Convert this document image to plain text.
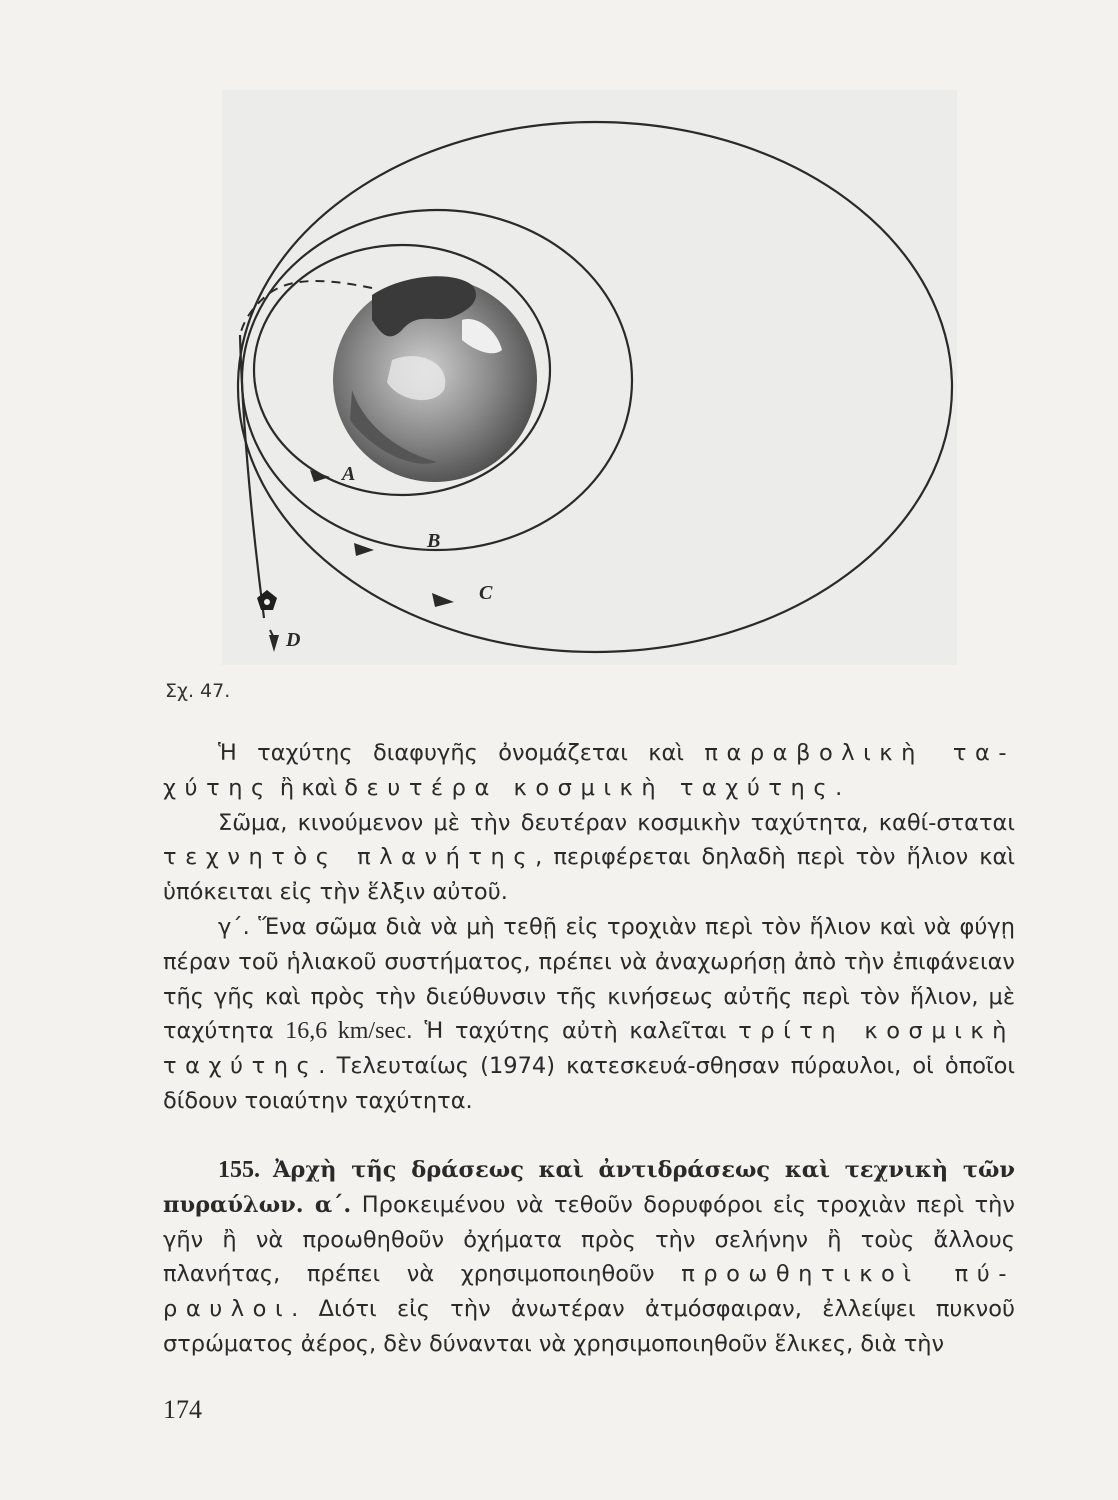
A
B
C
D
Σχ. 47.

Ἡ ταχύτης διαφυγῆς ὀνομάζεται καὶ παραβολικὴ τα- χύτης ἢ καὶ δευτέρα κοσμικὴ ταχύτης.

Σῶμα, κινούμενον μὲ τὴν δευτέραν κοσμικὴν ταχύτητα, καθί-σταται τεχνητὸς πλανήτης, περιφέρεται δηλαδὴ περὶ τὸν ἥλιον καὶ ὑπόκειται εἰς τὴν ἕλξιν αὐτοῦ.

γ΄. Ἕνα σῶμα διὰ νὰ μὴ τεθῇ εἰς τροχιὰν περὶ τὸν ἥλιον καὶ νὰ φύγῃ πέραν τοῦ ἡλιακοῦ συστήματος, πρέπει νὰ ἀναχωρήσῃ ἀπὸ τὴν ἐπιφάνειαν τῆς γῆς καὶ πρὸς τὴν διεύθυνσιν τῆς κινήσεως αὐτῆς περὶ τὸν ἥλιον, μὲ ταχύτητα 16,6 km/sec. Ἡ ταχύτης αὐτὴ καλεῖται τρίτη κοσμικὴ ταχύτης. Τελευταίως (1974) κατεσκευά-σθησαν πύραυλοι, οἱ ὁποῖοι δίδουν τοιαύτην ταχύτητα.

155. Ἀρχὴ τῆς δράσεως καὶ ἀντιδράσεως καὶ τεχνικὴ τῶν πυραύλων. α΄. Προκειμένου νὰ τεθοῦν δορυφόροι εἰς τροχιὰν περὶ τὴν γῆν ἢ νὰ προωθηθοῦν ὀχήματα πρὸς τὴν σελήνην ἢ τοὺς ἄλλους πλανήτας, πρέπει νὰ χρησιμοποιηθοῦν προωθητικοὶ πύ-ραυλοι. Διότι εἰς τὴν ἀνωτέραν ἀτμόσφαιραν, ἐλλείψει πυκνοῦ στρώματος ἀέρος, δὲν δύνανται νὰ χρησιμοποιηθοῦν ἕλικες, διὰ τὴν

174
